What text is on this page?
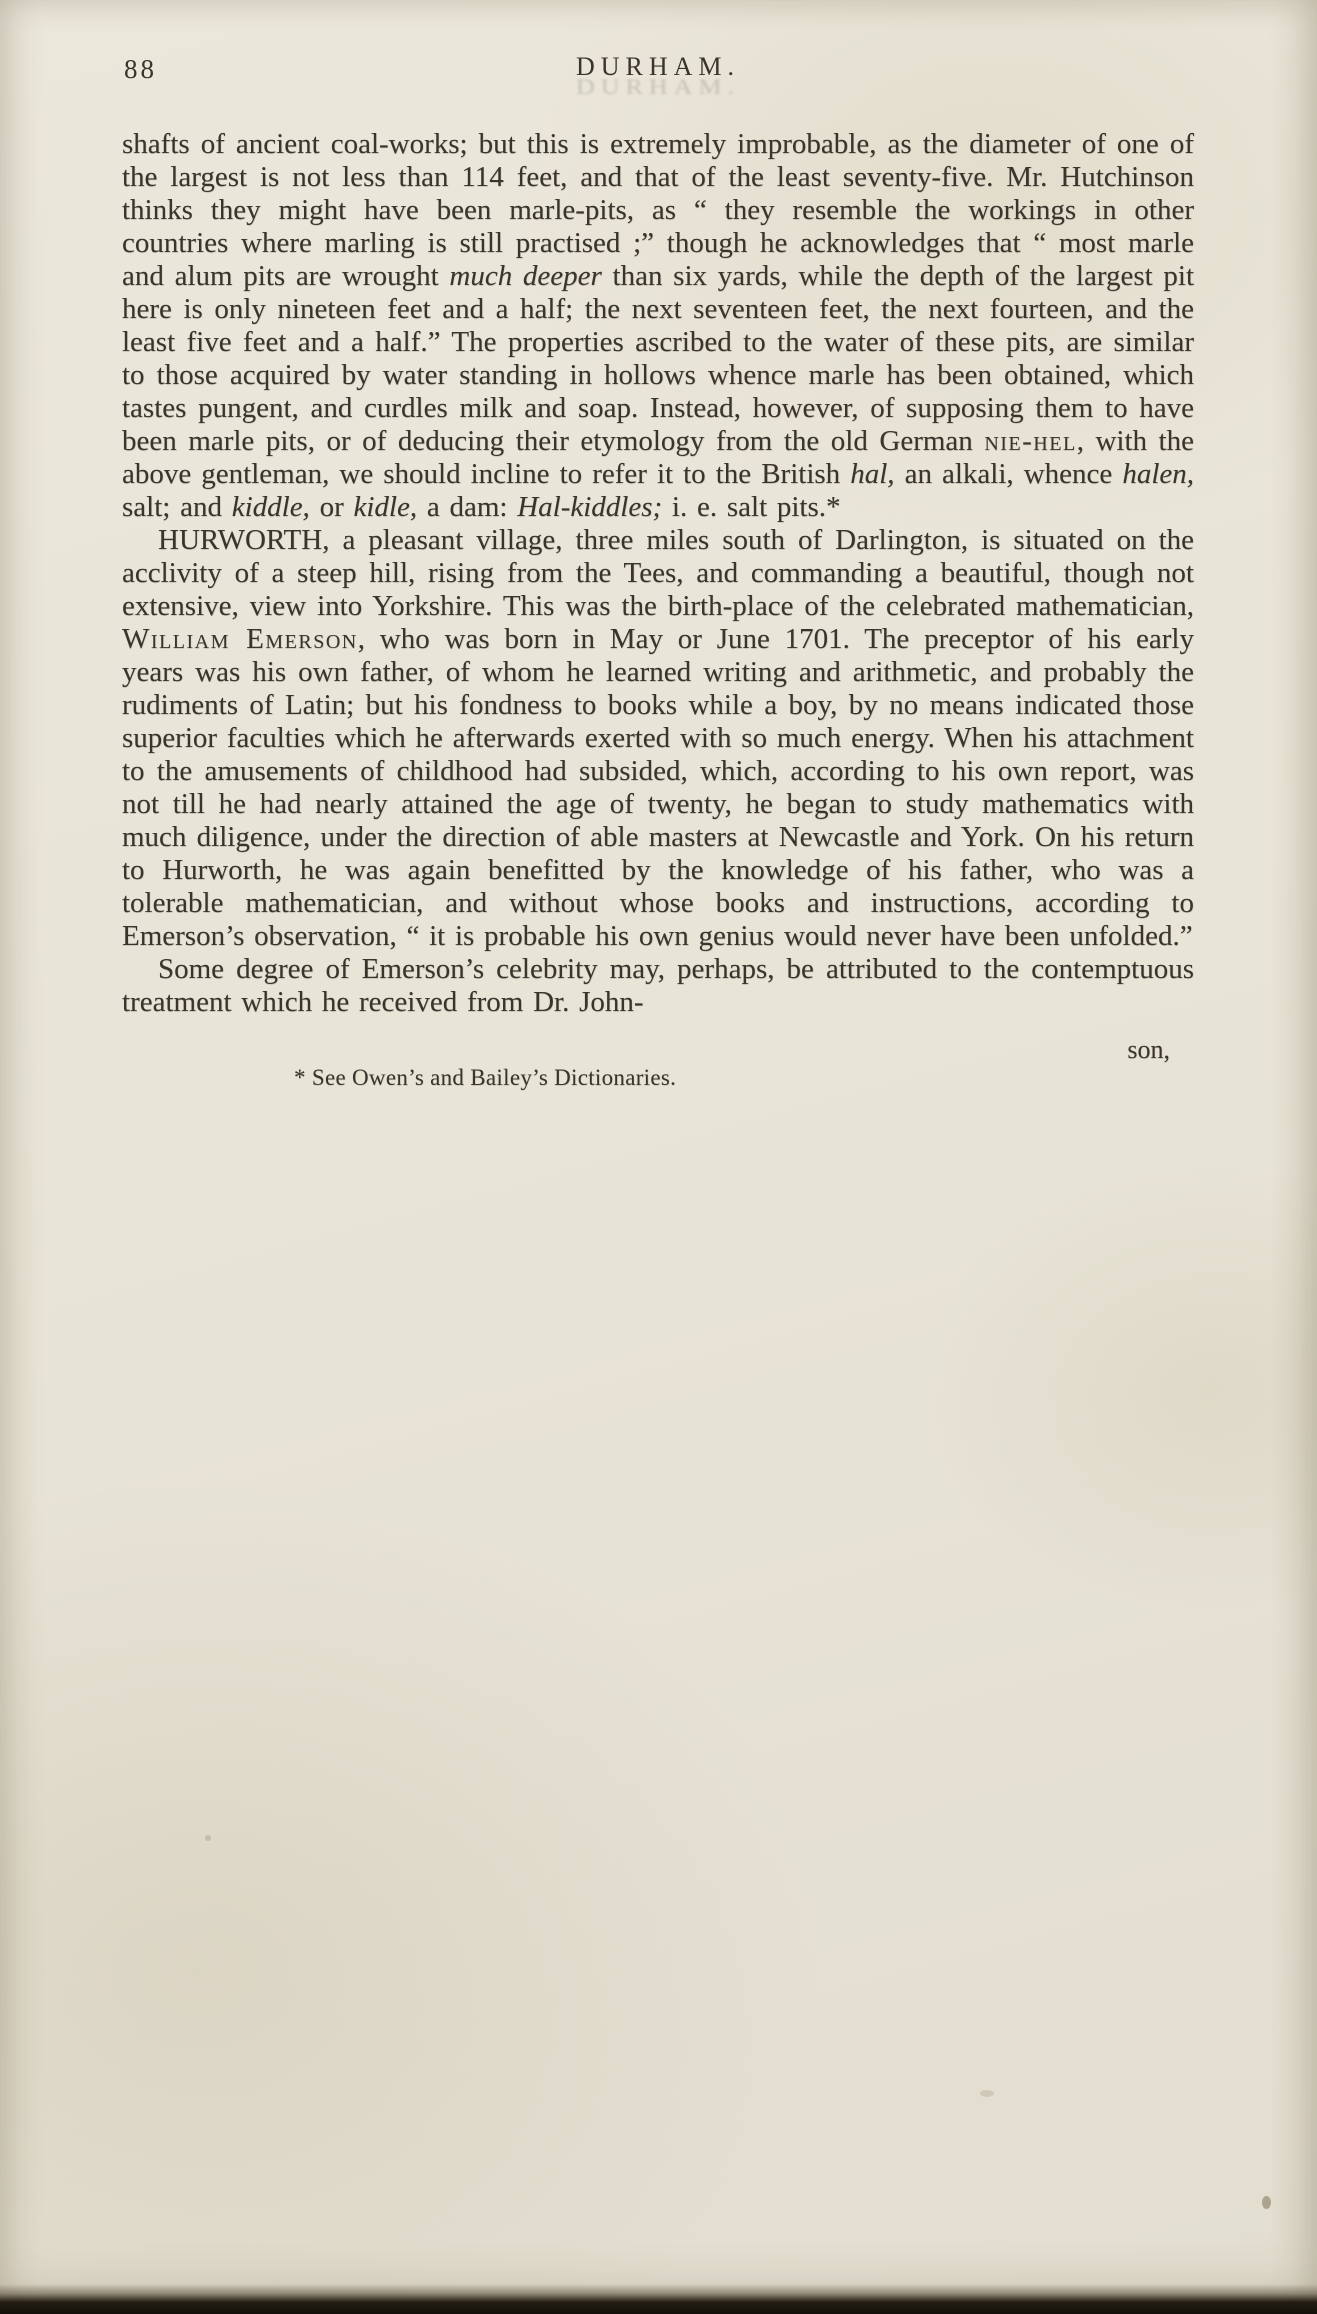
88	DURHAM.
DURHAM.

shafts of ancient coal-works; but this is extremely improbable, as the diameter of one of the largest is not less than 114 feet, and that of the least seventy-five. Mr. Hutchinson thinks they might have been marle-pits, as “ they resemble the workings in other countries where marling is still practised ;” though he acknowledges that “ most marle and alum pits are wrought much deeper than six yards, while the depth of the largest pit here is only nineteen feet and a half; the next seventeen feet, the next fourteen, and the least five feet and a half.” The properties ascribed to the water of these pits, are similar to those acquired by water standing in hollows whence marle has been obtained, which tastes pungent, and curdles milk and soap. Instead, however, of supposing them to have been marle pits, or of deducing their etymology from the old German nie-hel, with the above gentleman, we should incline to refer it to the British hal, an alkali, whence halen, salt; and kiddle, or kidle, a dam: Hal-kiddles; i. e. salt pits.*

HURWORTH, a pleasant village, three miles south of Darlington, is situated on the acclivity of a steep hill, rising from the Tees, and commanding a beautiful, though not extensive, view into Yorkshire. This was the birth-place of the celebrated mathematician, William Emerson, who was born in May or June 1701. The preceptor of his early years was his own father, of whom he learned writing and arithmetic, and probably the rudiments of Latin; but his fondness to books while a boy, by no means indicated those superior faculties which he afterwards exerted with so much energy. When his attachment to the amusements of childhood had subsided, which, according to his own report, was not till he had nearly attained the age of twenty, he began to study mathematics with much diligence, under the direction of able masters at Newcastle and York. On his return to Hurworth, he was again benefitted by the knowledge of his father, who was a tolerable mathematician, and without whose books and instructions, according to Emerson’s observation, “ it is probable his own genius would never have been unfolded.”

Some degree of Emerson’s celebrity may, perhaps, be attributed to the contemptuous treatment which he received from Dr. John-

son,
* See Owen’s and Bailey’s Dictionaries.
